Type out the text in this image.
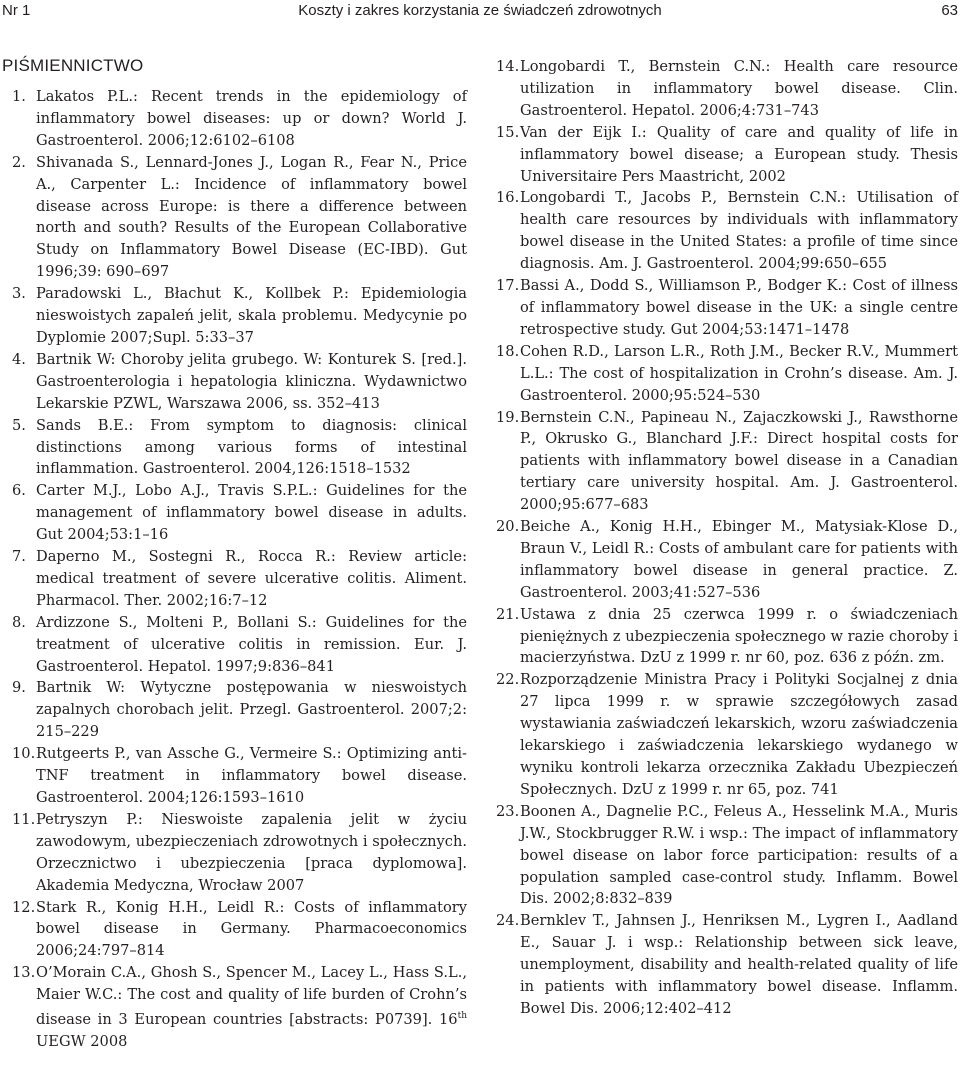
Nr 1	Koszty i zakres korzystania ze świadczeń zdrowotnych	63
PIŚMIENNICTWO
1. Lakatos P.L.: Recent trends in the epidemiology of inflammatory bowel diseases: up or down? World J. Gastroenterol. 2006;12:6102–6108
2. Shivanada S., Lennard-Jones J., Logan R., Fear N., Price A., Carpenter L.: Incidence of inflammatory bowel disease across Europe: is there a difference between north and south? Results of the European Collaborative Study on Inflammatory Bowel Disease (EC-IBD). Gut 1996;39: 690–697
3. Paradowski L., Błachut K., Kollbek P.: Epidemiologia nieswoistych zapaleń jelit, skala problemu. Medycynie po Dyplomie 2007;Supl. 5:33–37
4. Bartnik W: Choroby jelita grubego. W: Konturek S. [red.]. Gastroenterologia i hepatologia kliniczna. Wydawnictwo Lekarskie PZWL, Warszawa 2006, ss. 352–413
5. Sands B.E.: From symptom to diagnosis: clinical distinctions among various forms of intestinal inflammation. Gastroenterol. 2004,126:1518–1532
6. Carter M.J., Lobo A.J., Travis S.P.L.: Guidelines for the management of inflammatory bowel disease in adults. Gut 2004;53:1–16
7. Daperno M., Sostegni R., Rocca R.: Review article: medical treatment of severe ulcerative colitis. Aliment. Pharmacol. Ther. 2002;16:7–12
8. Ardizzone S., Molteni P., Bollani S.: Guidelines for the treatment of ulcerative colitis in remission. Eur. J. Gastroenterol. Hepatol. 1997;9:836–841
9. Bartnik W: Wytyczne postępowania w nieswoistych zapalnych chorobach jelit. Przegl. Gastroenterol. 2007;2: 215–229
10. Rutgeerts P., van Assche G., Vermeire S.: Optimizing anti-TNF treatment in inflammatory bowel disease. Gastroenterol. 2004;126:1593–1610
11. Petryszyn P.: Nieswoiste zapalenia jelit w życiu zawodowym, ubezpieczeniach zdrowotnych i społecznych. Orzecznictwo i ubezpieczenia [praca dyplomowa]. Akademia Medyczna, Wrocław 2007
12. Stark R., Konig H.H., Leidl R.: Costs of inflammatory bowel disease in Germany. Pharmacoeconomics 2006;24:797–814
13. O’Morain C.A., Ghosh S., Spencer M., Lacey L., Hass S.L., Maier W.C.: The cost and quality of life burden of Crohn’s disease in 3 European countries [abstracts: P0739]. 16th UEGW 2008
14. Longobardi T., Bernstein C.N.: Health care resource utilization in inflammatory bowel disease. Clin. Gastroenterol. Hepatol. 2006;4:731–743
15. Van der Eijk I.: Quality of care and quality of life in inflammatory bowel disease; a European study. Thesis Universitaire Pers Maastricht, 2002
16. Longobardi T., Jacobs P., Bernstein C.N.: Utilisation of health care resources by individuals with inflammatory bowel disease in the United States: a profile of time since diagnosis. Am. J. Gastroenterol. 2004;99:650–655
17. Bassi A., Dodd S., Williamson P., Bodger K.: Cost of illness of inflammatory bowel disease in the UK: a single centre retrospective study. Gut 2004;53:1471–1478
18. Cohen R.D., Larson L.R., Roth J.M., Becker R.V., Mummert L.L.: The cost of hospitalization in Crohn’s disease. Am. J. Gastroenterol. 2000;95:524–530
19. Bernstein C.N., Papineau N., Zajaczkowski J., Rawsthorne P., Okrusko G., Blanchard J.F.: Direct hospital costs for patients with inflammatory bowel disease in a Canadian tertiary care university hospital. Am. J. Gastroenterol. 2000;95:677–683
20. Beiche A., Konig H.H., Ebinger M., Matysiak-Klose D., Braun V., Leidl R.: Costs of ambulant care for patients with inflammatory bowel disease in general practice. Z. Gastroenterol. 2003;41:527–536
21. Ustawa z dnia 25 czerwca 1999 r. o świadczeniach pieniężnych z ubezpieczenia społecznego w razie choroby i macierzyństwa. DzU z 1999 r. nr 60, poz. 636 z późn. zm.
22. Rozporządzenie Ministra Pracy i Polityki Socjalnej z dnia 27 lipca 1999 r. w sprawie szczegółowych zasad wystawiania zaświadczeń lekarskich, wzoru zaświadczenia lekarskiego i zaświadczenia lekarskiego wydanego w wyniku kontroli lekarza orzecznika Zakładu Ubezpieczeń Społecznych. DzU z 1999 r. nr 65, poz. 741
23. Boonen A., Dagnelie P.C., Feleus A., Hesselink M.A., Muris J.W., Stockbrugger R.W. i wsp.: The impact of inflammatory bowel disease on labor force participation: results of a population sampled case-control study. Inflamm. Bowel Dis. 2002;8:832–839
24. Bernklev T., Jahnsen J., Henriksen M., Lygren I., Aadland E., Sauar J. i wsp.: Relationship between sick leave, unemployment, disability and health-related quality of life in patients with inflammatory bowel disease. Inflamm. Bowel Dis. 2006;12:402–412
